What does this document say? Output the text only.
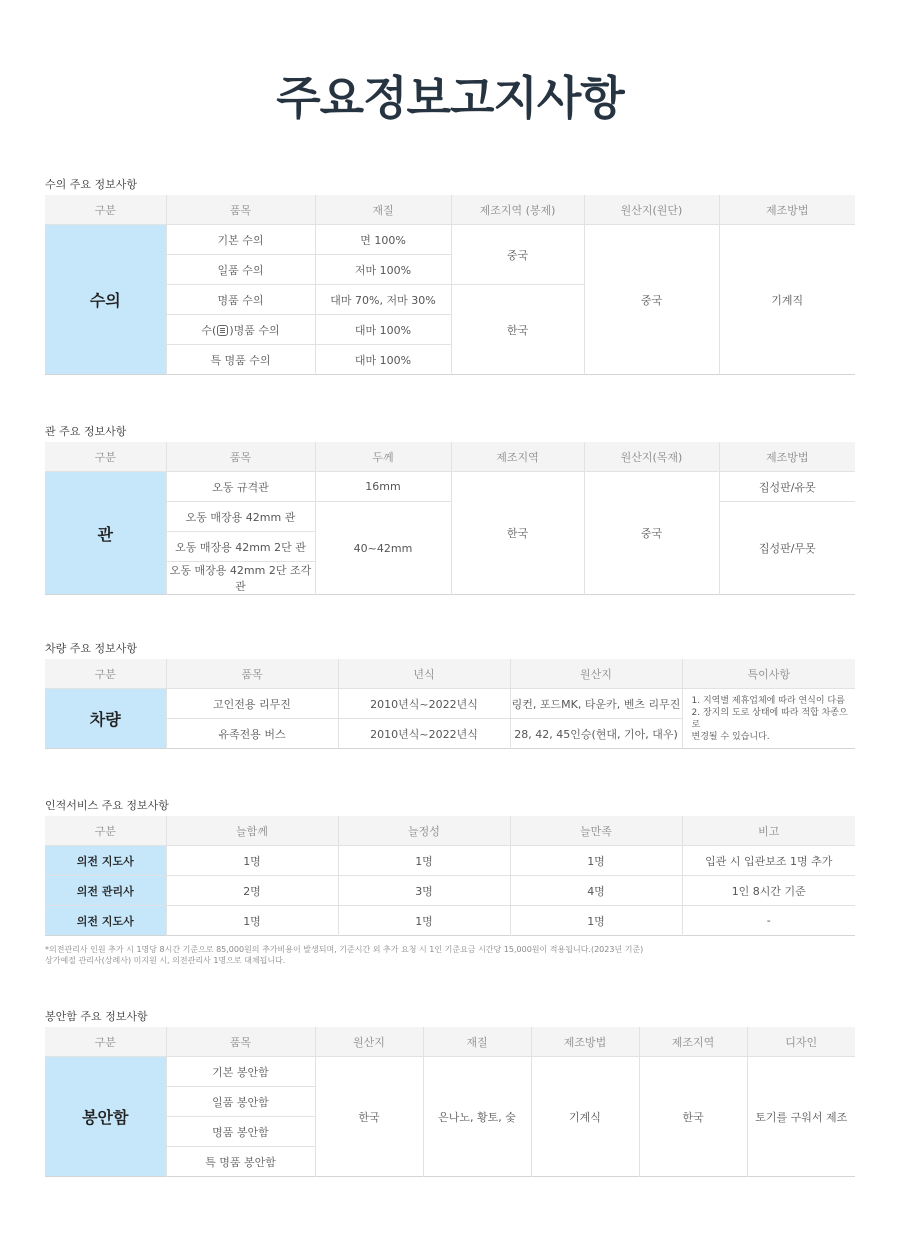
주요정보고지사항
수의 주요 정보사항
구분	품목	재질	제조지역 (봉제)	원산지(원단)	제조방법
수의	기본 수의	면 100%	중국	중국	기계직
	일품 수의	저마 100%			
	명품 수의	대마 70%, 저마 30%	한국		
	수( )명품 수의	대마 100%			
	특 명품 수의	대마 100%			
관 주요 정보사항
구분	품목	두께	제조지역	원산지(목재)	제조방법
관	오동 규격관	16mm	한국	중국	집성판/유못
	오동 매장용 42mm 관	40~42mm			집성판/무못
	오동 매장용 42mm 2단 관				
	오동 매장용 42mm 2단 조각관				
차량 주요 정보사항
구분	품목	년식	원산지	특이사항
차량	고인전용 리무진	2010년식~2022년식	링컨, 포드MK, 타운카, 벤츠 리무진	1. 지역별 제휴업체에 따라 연식이 다름
2. 장지의 도로 상태에 따라 적합 차종으로
변경될 수 있습니다.

	유족전용 버스	2010년식~2022년식	28, 42, 45인승(현대, 기아, 대우)	
인적서비스 주요 정보사항
구분	늘함께	늘정성	늘만족	비고
의전 지도사	1명	1명	1명	입관 시 입관보조 1명 추가
의전 관리사	2명	3명	4명	1인 8시간 기준
의전 지도사	1명	1명	1명	-
*의전관리사 인원 추가 시 1명당 8시간 기준으로 85,000원의 추가비용이 발생되며, 기준시간 외 추가 요청 시 1인 기준요금 시간당 15,000원이 적용됩니다.(2023년 기준)
상가예절 관리사(상례사) 미지원 시, 의전관리사 1명으로 대체됩니다.
봉안함 주요 정보사항
구분	품목	원산지	재질	제조방법	제조지역	디자인
봉안함	기본 봉안함	한국	은나노, 황토, 숯	기계식	한국	토기를 구워서 제조
	일품 봉안함					
	명품 봉안함					
	특 명품 봉안함					
